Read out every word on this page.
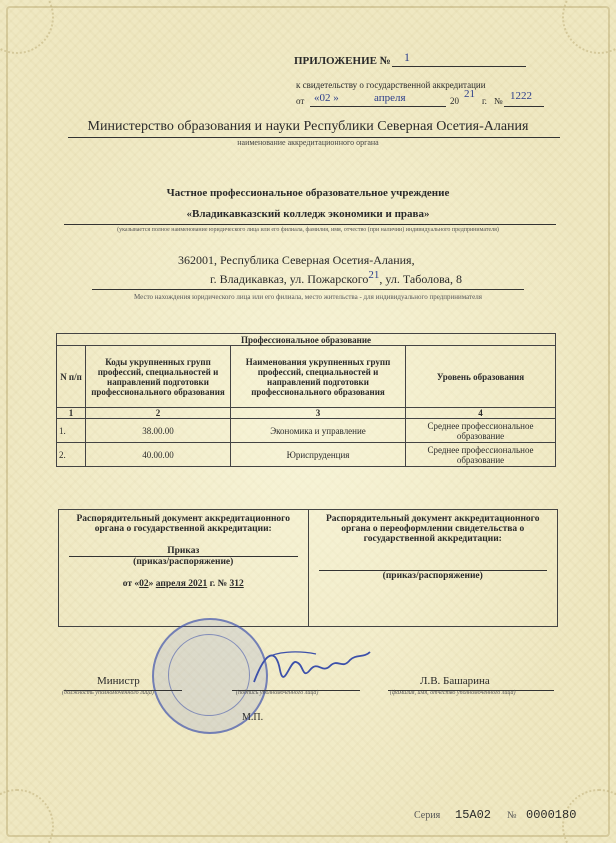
ПРИЛОЖЕНИЕ № 1
к свидетельству о государственной аккредитации
от «02 »	апреля	20
21
г. № 1222
Министерство образования и науки Республики Северная Осетия-Алания
наименование аккредитационного органа
Частное профессиональное образовательное учреждение
«Владикавказский колледж экономики и права»
(указывается полное наименование юридического лица или его филиала, фамилия, имя, отчество (при наличии) индивидуального предпринимателя)
362001, Республика Северная Осетия-Алания,
г. Владикавказ, ул. Пожарского21, ул. Таболова, 8
Место нахождения юридического лица или его филиала, место жительства - для индивидуального предпринимателя
Профессиональное образование			
N п/п	Коды укрупненных групп профессий, специальностей и направлений подготовки профессионального образования	Наименования укрупненных групп профессий, специальностей и направлений подготовки профессионального образования	Уровень образования
1	2	3	4
1.	38.00.00	Экономика и управление	Среднее профессиональное образование
2.	40.00.00	Юриспруденция	Среднее профессиональное образование
Распорядительный документ аккредитационного органа о государственной аккредитации:
Приказ
(приказ/распоряжение)
от «02» апреля 2021 г. № 312

Распорядительный документ аккредитационного органа о переоформлении свидетельства о государственной аккредитации:
(приказ/распоряжение)
Министр	Л.В. Башарина
(должность уполномоченного лица)	(подпись уполномоченного лица)	(фамилия, имя, отчество уполномоченного лица)
М.П.
Серия 15А02 № 0000180
